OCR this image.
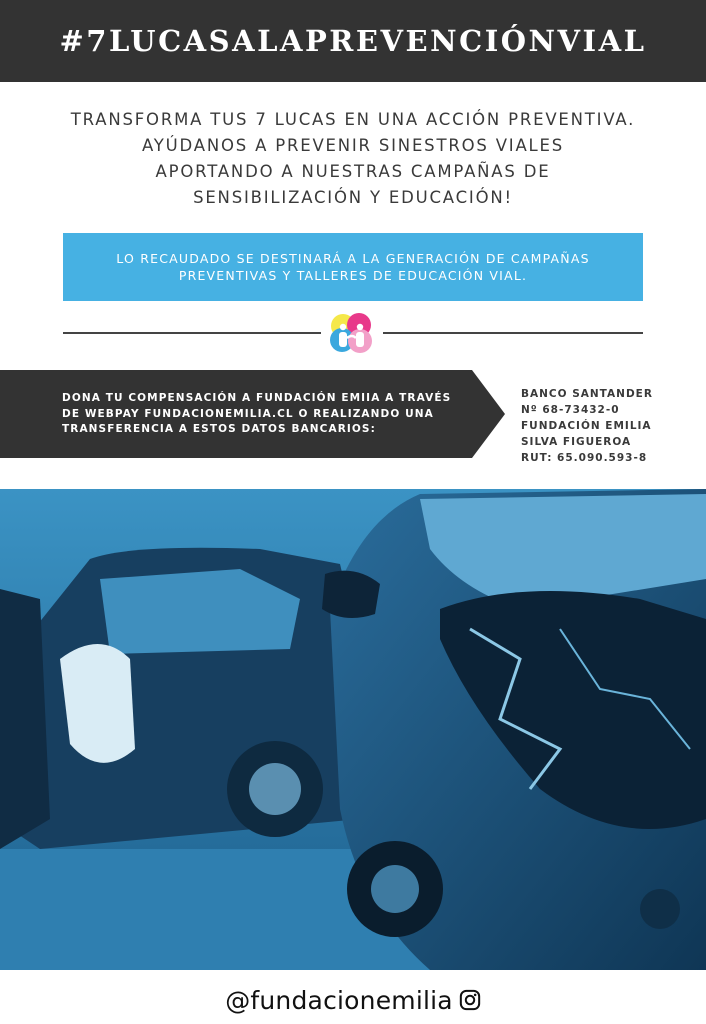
#7LUCASALAPREVENCIÓNVIAL
TRANSFORMA TUS 7 LUCAS EN UNA ACCIÓN PREVENTIVA.
AYÚDANOS A PREVENIR SINESTROS VIALES
APORTANDO A NUESTRAS CAMPAÑAS DE
SENSIBILIZACIÓN Y EDUCACIÓN!
LO RECAUDADO SE DESTINARÁ A LA GENERACIÓN DE CAMPAÑAS
PREVENTIVAS Y TALLERES DE EDUCACIÓN VIAL.
DONA TU COMPENSACIÓN A FUNDACIÓN EMIIA A TRAVÉS
DE WEBPAY FUNDACIONEMILIA.CL O REALIZANDO UNA
TRANSFERENCIA A ESTOS DATOS BANCARIOS:
BANCO SANTANDER
Nº 68-73432-0
FUNDACIÓN EMILIA
SILVA FIGUEROA
RUT: 65.090.593-8
@fundacionemilia
